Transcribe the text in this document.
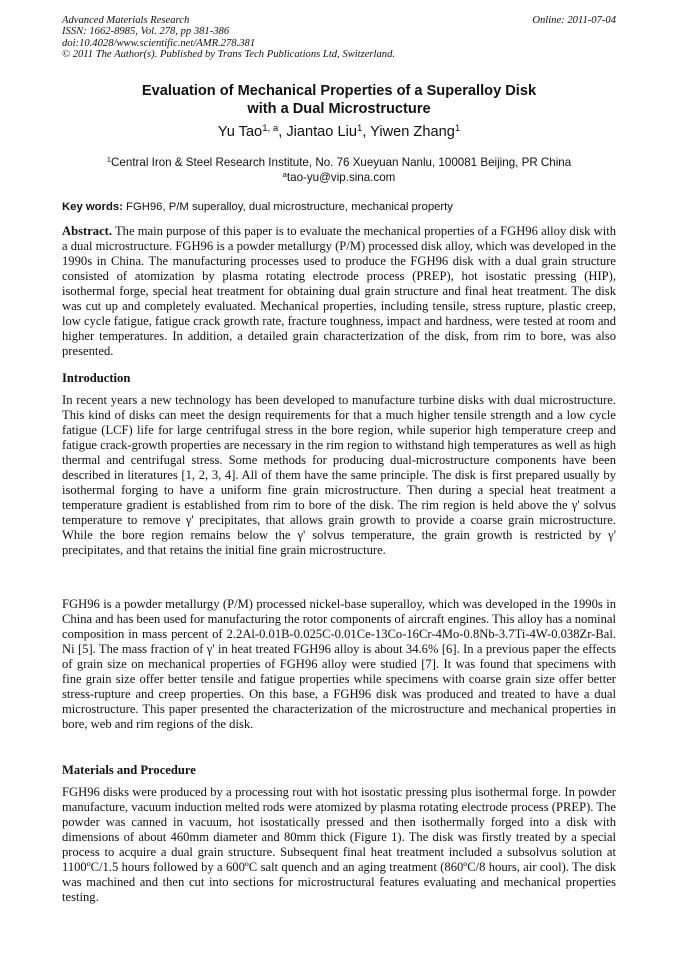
Advanced Materials Research	Online: 2011-07-04
ISSN: 1662-8985, Vol. 278, pp 381-386
doi:10.4028/www.scientific.net/AMR.278.381
© 2011 The Author(s). Published by Trans Tech Publications Ltd, Switzerland.
Evaluation of Mechanical Properties of a Superalloy Disk
with a Dual Microstructure
Yu Tao$^{1, a}$, Jiantao Liu$^1$, Yiwen Zhang$^1$
$^1$Central Iron & Steel Research Institute, No. 76 Xueyuan Nanlu, 100081 Beijing, PR China
$^a$tao-yu@vip.sina.com
Key words: FGH96, P/M superalloy, dual microstructure, mechanical property

Abstract. The main purpose of this paper is to evaluate the mechanical properties of a FGH96 alloy disk with a dual microstructure. FGH96 is a powder metallurgy (P/M) processed disk alloy, which was developed in the 1990s in China. The manufacturing processes used to produce the FGH96 disk with a dual grain structure consisted of atomization by plasma rotating electrode process (PREP), hot isostatic pressing (HIP), isothermal forge, special heat treatment for obtaining dual grain structure and final heat treatment. The disk was cut up and completely evaluated. Mechanical properties, including tensile, stress rupture, plastic creep, low cycle fatigue, fatigue crack growth rate, fracture toughness, impact and hardness, were tested at room and higher temperatures. In addition, a detailed grain characterization of the disk, from rim to bore, was also presented.

Introduction

In recent years a new technology has been developed to manufacture turbine disks with dual microstructure. This kind of disks can meet the design requirements for that a much higher tensile strength and a low cycle fatigue (LCF) life for large centrifugal stress in the bore region, while superior high temperature creep and fatigue crack-growth properties are necessary in the rim region to withstand high temperatures as well as high thermal and centrifugal stress. Some methods for producing dual-microstructure components have been described in literatures [1, 2, 3, 4]. All of them have the same principle. The disk is first prepared usually by isothermal forging to have a uniform fine grain microstructure. Then during a special heat treatment a temperature gradient is established from rim to bore of the disk. The rim region is held above the γ' solvus temperature to remove γ' precipitates, that allows grain growth to provide a coarse grain microstructure. While the bore region remains below the γ' solvus temperature, the grain growth is restricted by γ' precipitates, and that retains the initial fine grain microstructure.

FGH96 is a powder metallurgy (P/M) processed nickel-base superalloy, which was developed in the 1990s in China and has been used for manufacturing the rotor components of aircraft engines. This alloy has a nominal composition in mass percent of 2.2Al-0.01B-0.025C-0.01Ce-13Co-16Cr-4Mo-0.8Nb-3.7Ti-4W-0.038Zr-Bal. Ni [5]. The mass fraction of γ' in heat treated FGH96 alloy is about 34.6% [6]. In a previous paper the effects of grain size on mechanical properties of FGH96 alloy were studied [7]. It was found that specimens with fine grain size offer better tensile and fatigue properties while specimens with coarse grain size offer better stress-rupture and creep properties. On this base, a FGH96 disk was produced and treated to have a dual microstructure. This paper presented the characterization of the microstructure and mechanical properties in bore, web and rim regions of the disk.

Materials and Procedure

FGH96 disks were produced by a processing rout with hot isostatic pressing plus isothermal forge. In powder manufacture, vacuum induction melted rods were atomized by plasma rotating electrode process (PREP). The powder was canned in vacuum, hot isostatically pressed and then isothermally forged into a disk with dimensions of about 460mm diameter and 80mm thick (Figure 1). The disk was firstly treated by a special process to acquire a dual grain structure. Subsequent final heat treatment included a subsolvus solution at 1100ºC/1.5 hours followed by a 600ºC salt quench and an aging treatment (860ºC/8 hours, air cool). The disk was machined and then cut into sections for microstructural features evaluating and mechanical properties testing.
